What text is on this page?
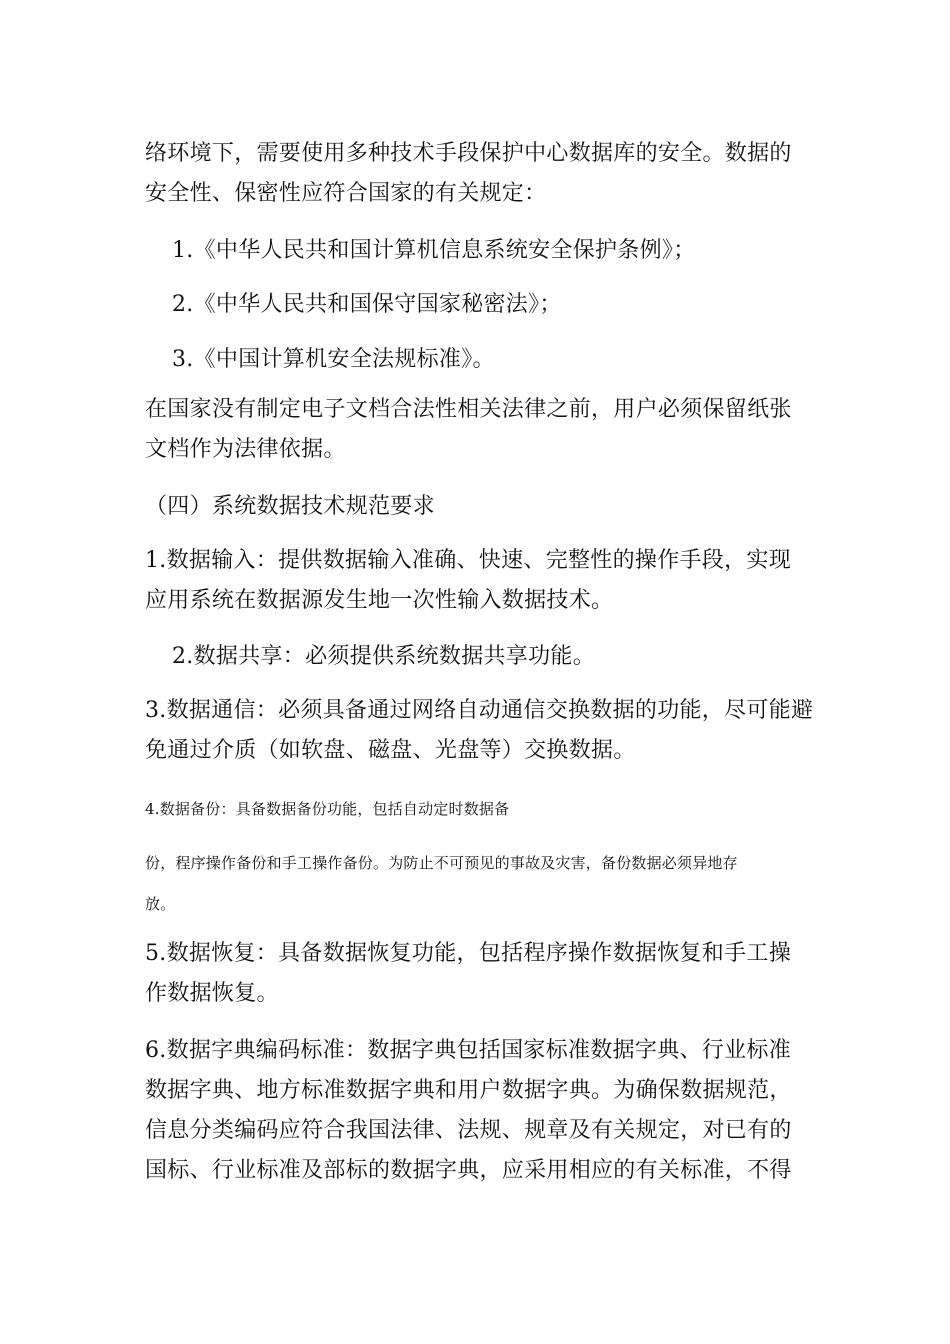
络环境下，需要使用多种技术手段保护中心数据库的安全。数据的
安全性、保密性应符合国家的有关规定：

1.《中华人民共和国计算机信息系统安全保护条例》；

2.《中华人民共和国保守国家秘密法》；

3.《中国计算机安全法规标准》。

在国家没有制定电子文档合法性相关法律之前，用户必须保留纸张
文档作为法律依据。

（四）系统数据技术规范要求

1.数据输入：提供数据输入准确、快速、完整性的操作手段，实现
应用系统在数据源发生地一次性输入数据技术。

2.数据共享：必须提供系统数据共享功能。

3.数据通信：必须具备通过网络自动通信交换数据的功能，尽可能避
免通过介质（如软盘、磁盘、光盘等）交换数据。

4.数据备份：具备数据备份功能，包括自动定时数据备

份，程序操作备份和手工操作备份。为防止不可预见的事故及灾害，备份数据必须异地存

放。

5.数据恢复：具备数据恢复功能，包括程序操作数据恢复和手工操
作数据恢复。

6.数据字典编码标准：数据字典包括国家标准数据字典、行业标准
数据字典、地方标准数据字典和用户数据字典。为确保数据规范，
信息分类编码应符合我国法律、法规、规章及有关规定，对已有的
国标、行业标准及部标的数据字典，应采用相应的有关标准，不得
